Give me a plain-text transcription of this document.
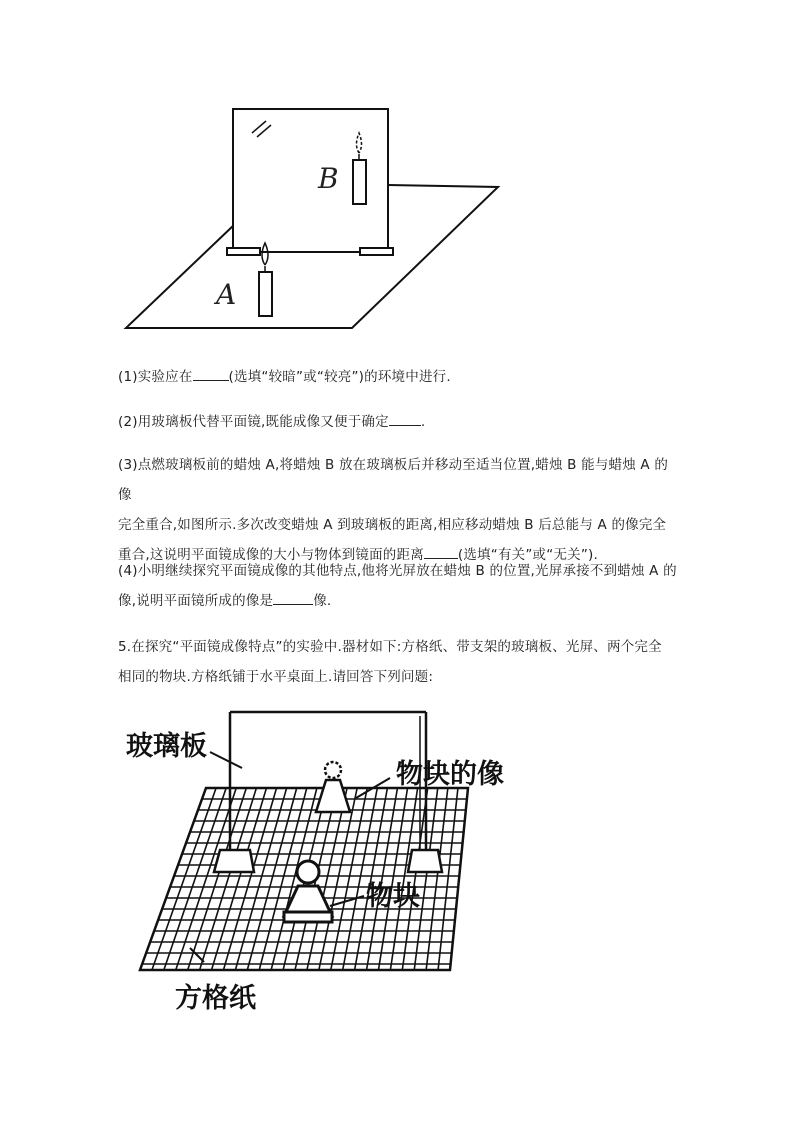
B
A
(1)实验应在	(选填“较暗”或“较亮”)的环境中进行.
(2)用玻璃板代替平面镜,既能成像又便于确定 .
(3)点燃玻璃板前的蜡烛 A,将蜡烛 B 放在玻璃板后并移动至适当位置,蜡烛 B 能与蜡烛 A 的像
完全重合,如图所示.多次改变蜡烛 A 到玻璃板的距离,相应移动蜡烛 B 后总能与 A 的像完全
重合,这说明平面镜成像的大小与物体到镜面的距离	(选填“有关”或“无关”).
(4)小明继续探究平面镜成像的其他特点,他将光屏放在蜡烛 B 的位置,光屏承接不到蜡烛 A 的
像,说明平面镜所成的像是	像.
5.在探究“平面镜成像特点”的实验中.器材如下:方格纸、带支架的玻璃板、光屏、两个完全
相同的物块.方格纸铺于水平桌面上.请回答下列问题:
玻璃板
物块的像
物块
方格纸
